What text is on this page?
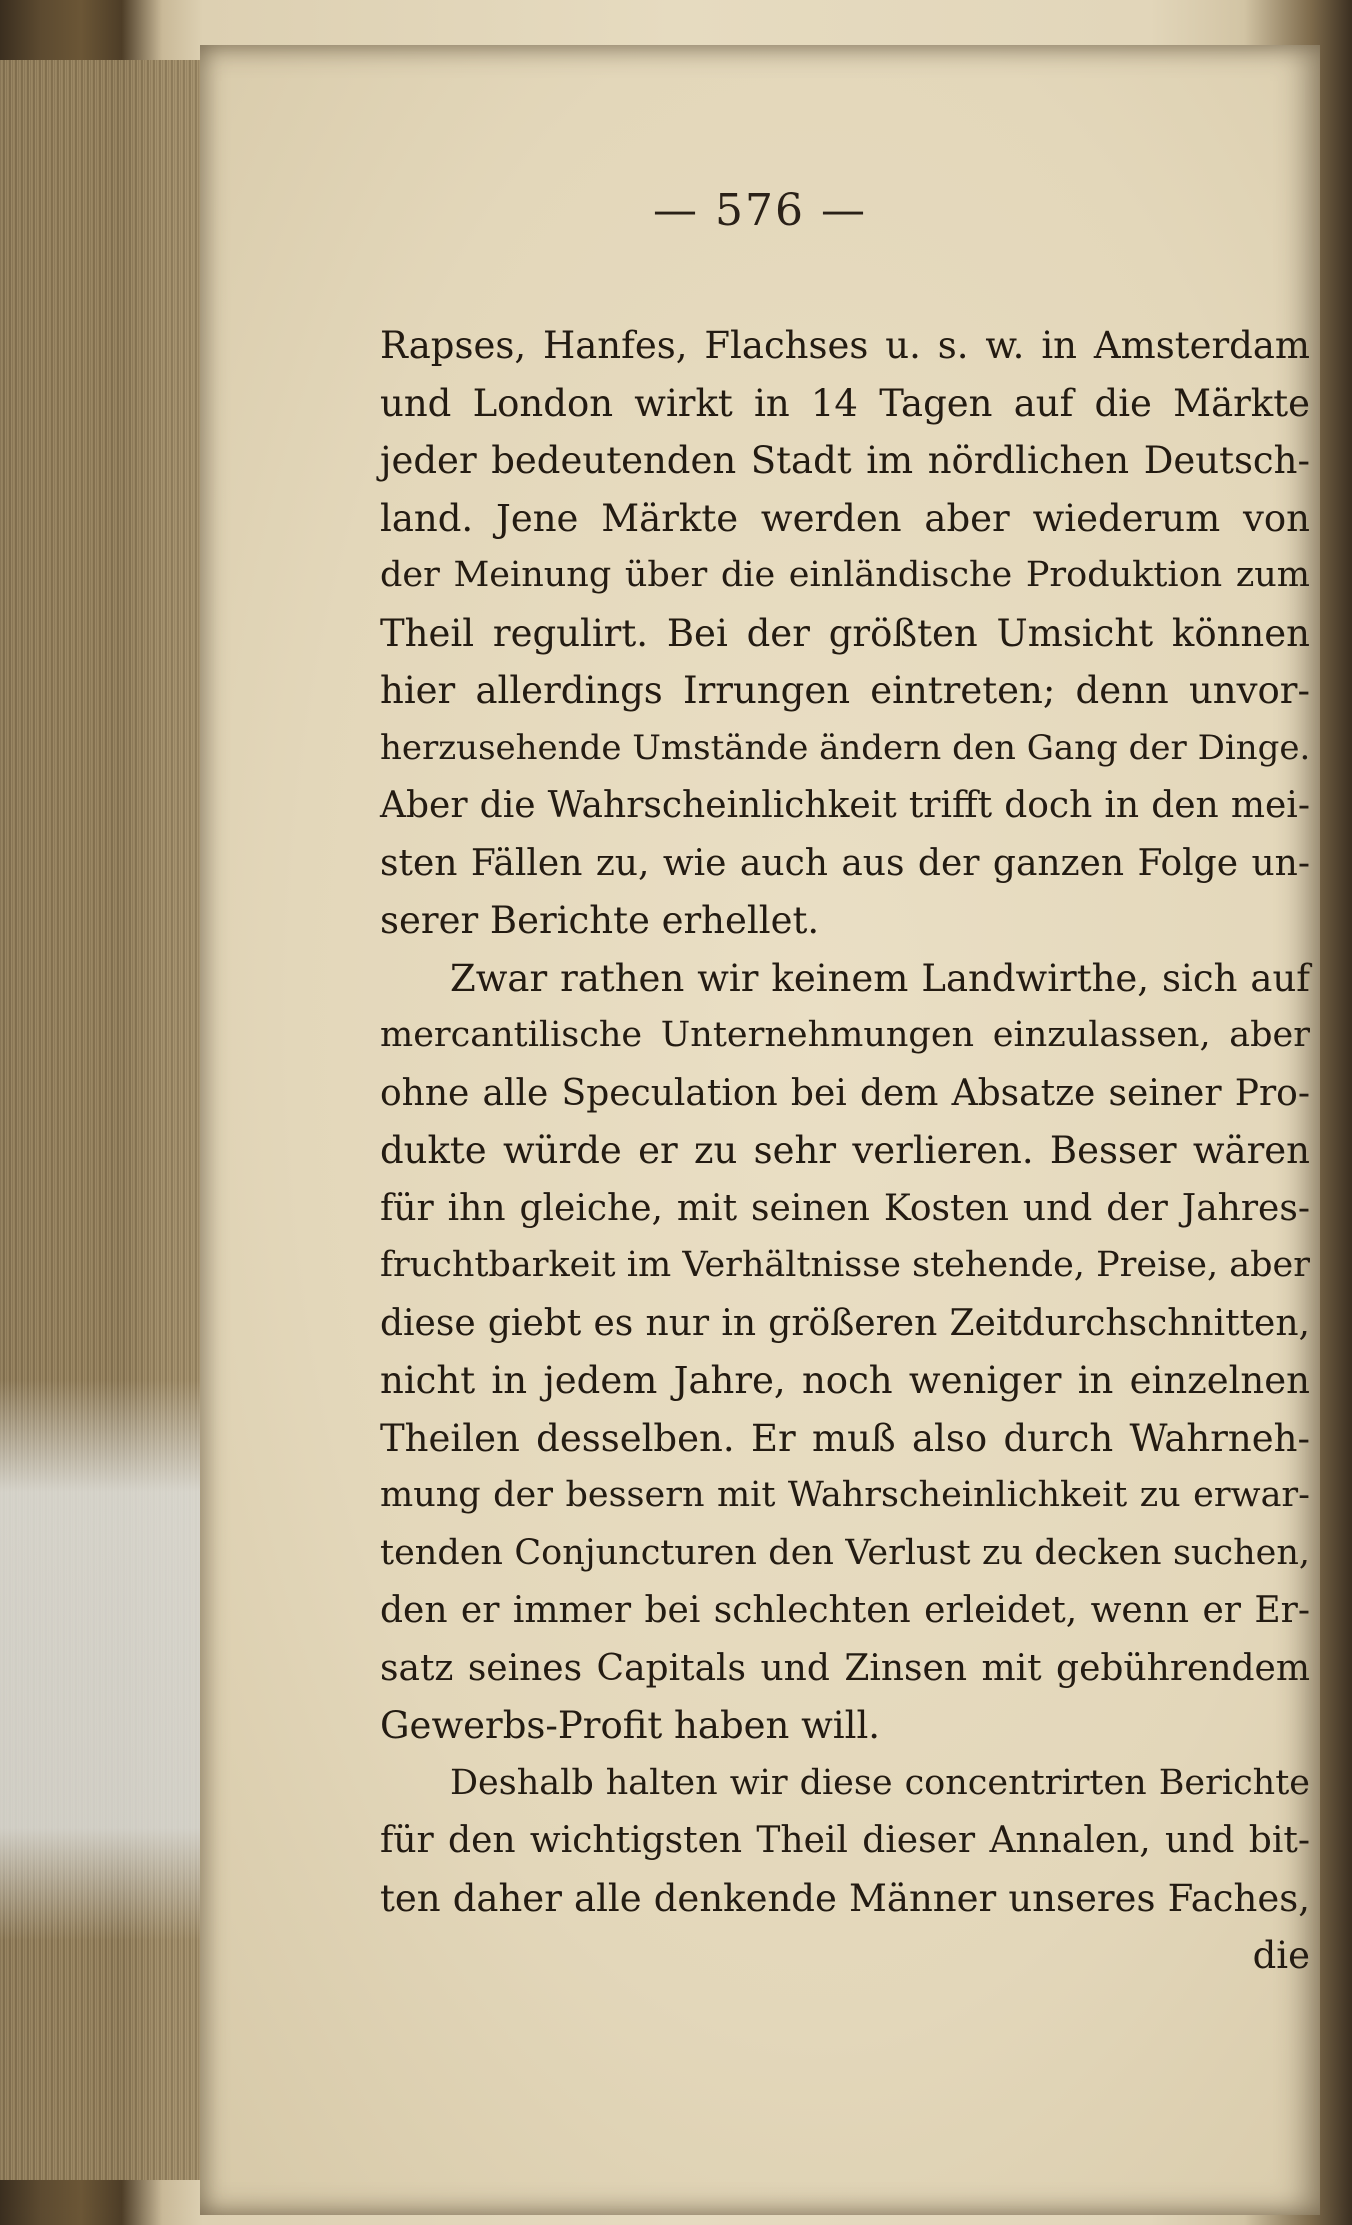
— 576 —
Rapses, Hanfes, Flachses u. s. w. in Amsterdam
und London wirkt in 14 Tagen auf die Märkte
jeder bedeutenden Stadt im nördlichen Deutsch-
land. Jene Märkte werden aber wiederum von
der Meinung über die einländische Produktion zum
Theil regulirt. Bei der größten Umsicht können
hier allerdings Irrungen eintreten; denn unvor-
herzusehende Umstände ändern den Gang der Dinge.
Aber die Wahrscheinlichkeit trifft doch in den mei-
sten Fällen zu, wie auch aus der ganzen Folge un-
serer Berichte erhellet.
Zwar rathen wir keinem Landwirthe, sich auf
mercantilische Unternehmungen einzulassen, aber
ohne alle Speculation bei dem Absatze seiner Pro-
dukte würde er zu sehr verlieren. Besser wären
für ihn gleiche, mit seinen Kosten und der Jahres-
fruchtbarkeit im Verhältnisse stehende, Preise, aber
diese giebt es nur in größeren Zeitdurchschnitten,
nicht in jedem Jahre, noch weniger in einzelnen
Theilen desselben. Er muß also durch Wahrneh-
mung der bessern mit Wahrscheinlichkeit zu erwar-
tenden Conjuncturen den Verlust zu decken suchen,
den er immer bei schlechten erleidet, wenn er Er-
satz seines Capitals und Zinsen mit gebührendem
Gewerbs-Profit haben will.
Deshalb halten wir diese concentrirten Berichte
für den wichtigsten Theil dieser Annalen, und bit-
ten daher alle denkende Männer unseres Faches,
die
